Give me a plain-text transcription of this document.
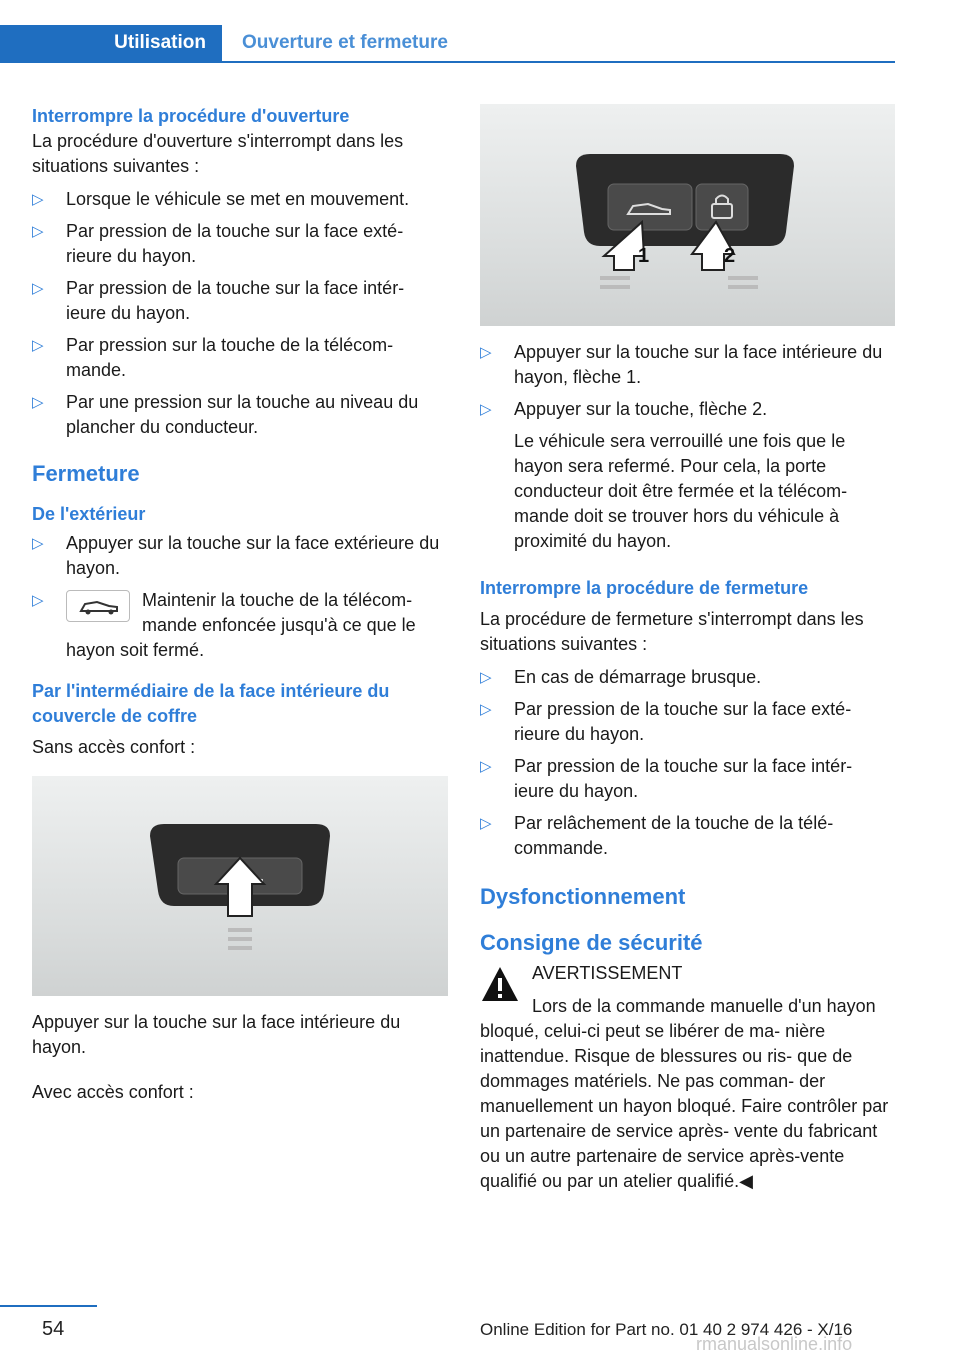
Utilisation	Ouverture et fermeture

Interrompre la procédure d'ouverture

La procédure d'ouverture s'interrompt dans les situations suivantes :

▷ Lorsque le véhicule se met en mouvement.
▷ Par pression de la touche sur la face exté‐ rieure du hayon.
▷ Par pression de la touche sur la face intér‐ ieure du hayon.
▷ Par pression sur la touche de la télécom‐ mande.
▷ Par une pression sur la touche au niveau du plancher du conducteur.

Fermeture

De l'extérieur

▷ Appuyer sur la touche sur la face extérieure du hayon.
▷	Maintenir la touche de la télécom‐ mande enfoncée jusqu'à ce que le hayon soit fermé.

Par l'intermédiaire de la face intérieure du couvercle de coffre

Sans accès confort :

Appuyer sur la touche sur la face intérieure du hayon.

Avec accès confort :

1	2
▷ Appuyer sur la touche sur la face intérieure du hayon, flèche 1.
▷ Appuyer sur la touche, flèche 2.

Le véhicule sera verrouillé une fois que le hayon sera refermé. Pour cela, la porte conducteur doit être fermée et la télécom‐ mande doit se trouver hors du véhicule à proximité du hayon.

Interrompre la procédure de fermeture

La procédure de fermeture s'interrompt dans les situations suivantes :

▷ En cas de démarrage brusque.
▷ Par pression de la touche sur la face exté‐ rieure du hayon.
▷ Par pression de la touche sur la face intér‐ ieure du hayon.
▷ Par relâchement de la touche de la télé‐ commande.

Dysfonctionnement

Consigne de sécurité

AVERTISSEMENT

Lors de la commande manuelle d'un hayon bloqué, celui-ci peut se libérer de ma‐ nière inattendue. Risque de blessures ou ris‐ que de dommages matériels. Ne pas comman‐ der manuellement un hayon bloqué. Faire contrôler par un partenaire de service après- vente du fabricant ou un autre partenaire de service après-vente qualifié ou par un atelier qualifié.◀

54	Online Edition for Part no. 01 40 2 974 426 - X/16
rmanualsonline.info
